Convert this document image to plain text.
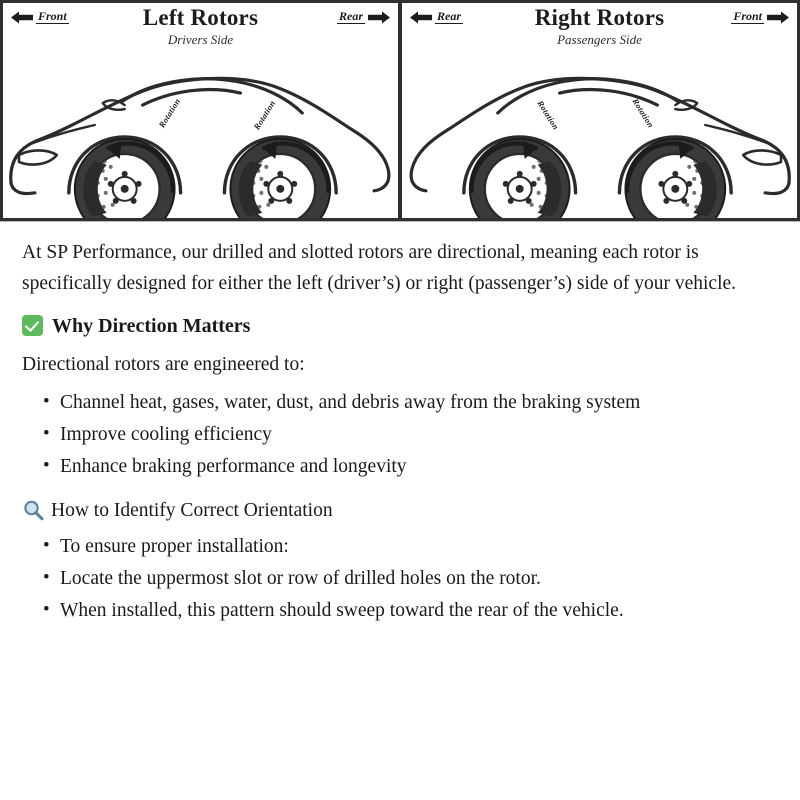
Left Rotors
Drivers Side
Front	Rear
Rotation	Rotation
Right Rotors
Passengers Side
Rear	Front
Rotation	Rotation

At SP Performance, our drilled and slotted rotors are directional, meaning each rotor is specifically designed for either the left (driver’s) or right (passenger’s) side of your vehicle.

Why Direction Matters

Directional rotors are engineered to:

• Channel heat, gases, water, dust, and debris away from the braking system
• Improve cooling efficiency
• Enhance braking performance and longevity
How to Identify Correct Orientation
• To ensure proper installation:
• Locate the uppermost slot or row of drilled holes on the rotor.
• When installed, this pattern should sweep toward the rear of the vehicle.
